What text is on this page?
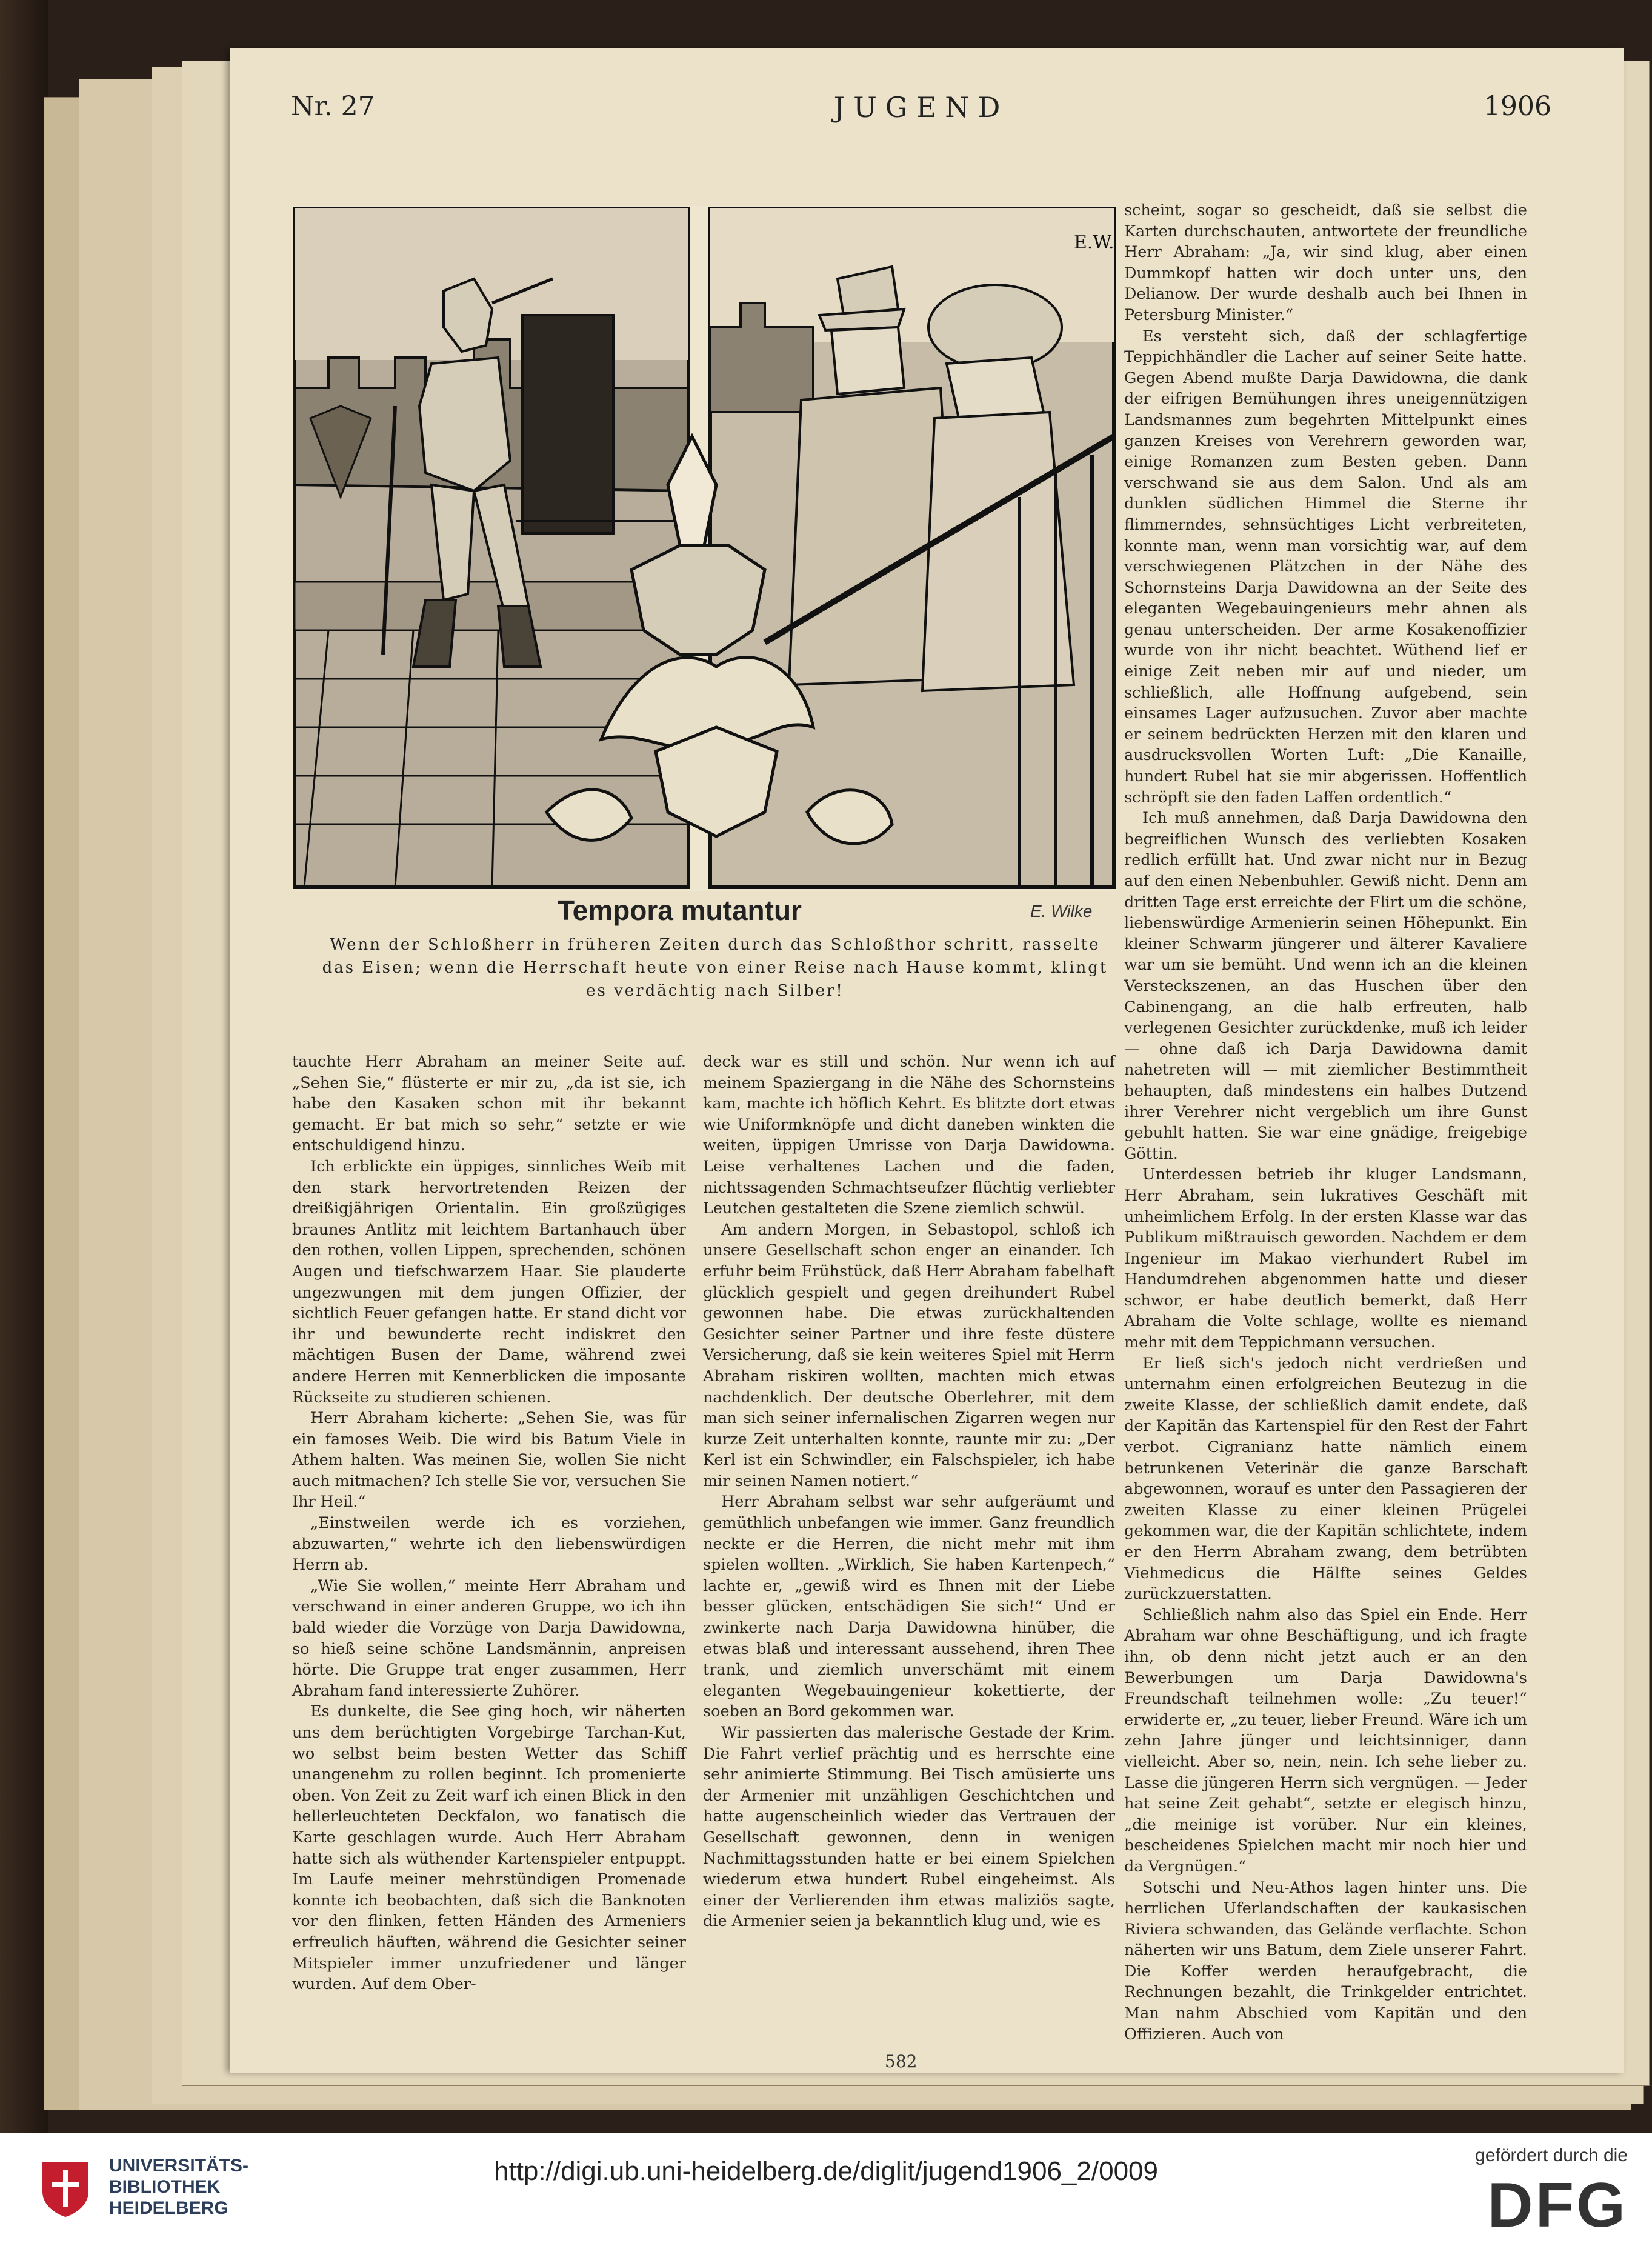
Nr. 27	JUGEND	1906
E.W.
Tempora mutantur	E. Wilke
Wenn der Schloßherr in früheren Zeiten durch das Schloßthor schritt, rasselte das Eisen; wenn die Herrschaft heute von einer Reise nach Hause kommt, klingt es verdächtig nach Silber!

tauchte Herr Abraham an meiner Seite auf. „Sehen Sie,“ flüsterte er mir zu, „da ist sie, ich habe den Kasaken schon mit ihr bekannt gemacht. Er bat mich so sehr,“ setzte er wie entschuldigend hinzu.

Ich erblickte ein üppiges, sinnliches Weib mit den stark hervortretenden Reizen der dreißigjährigen Orientalin. Ein großzügiges braunes Antlitz mit leichtem Bartanhauch über den rothen, vollen Lippen, sprechenden, schönen Augen und tiefschwarzem Haar. Sie plauderte ungezwungen mit dem jungen Offizier, der sichtlich Feuer gefangen hatte. Er stand dicht vor ihr und bewunderte recht indiskret den mächtigen Busen der Dame, während zwei andere Herren mit Kennerblicken die imposante Rückseite zu studieren schienen.

Herr Abraham kicherte: „Sehen Sie, was für ein famoses Weib. Die wird bis Batum Viele in Athem halten. Was meinen Sie, wollen Sie nicht auch mitmachen? Ich stelle Sie vor, versuchen Sie Ihr Heil.“

„Einstweilen werde ich es vorziehen, abzuwarten,“ wehrte ich den liebenswürdigen Herrn ab.

„Wie Sie wollen,“ meinte Herr Abraham und verschwand in einer anderen Gruppe, wo ich ihn bald wieder die Vorzüge von Darja Dawidowna, so hieß seine schöne Landsmännin, anpreisen hörte. Die Gruppe trat enger zusammen, Herr Abraham fand interessierte Zuhörer.

Es dunkelte, die See ging hoch, wir näherten uns dem berüchtigten Vorgebirge Tarchan-Kut, wo selbst beim besten Wetter das Schiff unangenehm zu rollen beginnt. Ich promenierte oben. Von Zeit zu Zeit warf ich einen Blick in den hellerleuchteten Deckfalon, wo fanatisch die Karte geschlagen wurde. Auch Herr Abraham hatte sich als wüthender Kartenspieler entpuppt. Im Laufe meiner mehrstündigen Promenade konnte ich beobachten, daß sich die Banknoten vor den flinken, fetten Händen des Armeniers erfreulich häuften, während die Gesichter seiner Mitspieler immer unzufriedener und länger wurden. Auf dem Ober-

deck war es still und schön. Nur wenn ich auf meinem Spaziergang in die Nähe des Schornsteins kam, machte ich höflich Kehrt. Es blitzte dort etwas wie Uniformknöpfe und dicht daneben winkten die weiten, üppigen Umrisse von Darja Dawidowna. Leise verhaltenes Lachen und die faden, nichtssagenden Schmachtseufzer flüchtig verliebter Leutchen gestalteten die Szene ziemlich schwül.

Am andern Morgen, in Sebastopol, schloß ich unsere Gesellschaft schon enger an einander. Ich erfuhr beim Frühstück, daß Herr Abraham fabelhaft glücklich gespielt und gegen dreihundert Rubel gewonnen habe. Die etwas zurückhaltenden Gesichter seiner Partner und ihre feste düstere Versicherung, daß sie kein weiteres Spiel mit Herrn Abraham riskiren wollten, machten mich etwas nachdenklich. Der deutsche Oberlehrer, mit dem man sich seiner infernalischen Zigarren wegen nur kurze Zeit unterhalten konnte, raunte mir zu: „Der Kerl ist ein Schwindler, ein Falschspieler, ich habe mir seinen Namen notiert.“

Herr Abraham selbst war sehr aufgeräumt und gemüthlich unbefangen wie immer. Ganz freundlich neckte er die Herren, die nicht mehr mit ihm spielen wollten. „Wirklich, Sie haben Kartenpech,“ lachte er, „gewiß wird es Ihnen mit der Liebe besser glücken, entschädigen Sie sich!“ Und er zwinkerte nach Darja Dawidowna hinüber, die etwas blaß und interessant aussehend, ihren Thee trank, und ziemlich unverschämt mit einem eleganten Wegebauingenieur kokettierte, der soeben an Bord gekommen war.

Wir passierten das malerische Gestade der Krim. Die Fahrt verlief prächtig und es herrschte eine sehr animierte Stimmung. Bei Tisch amüsierte uns der Armenier mit unzähligen Geschichtchen und hatte augenscheinlich wieder das Vertrauen der Gesellschaft gewonnen, denn in wenigen Nachmittagsstunden hatte er bei einem Spielchen wiederum etwa hundert Rubel eingeheimst. Als einer der Verlierenden ihm etwas maliziös sagte, die Armenier seien ja bekanntlich klug und, wie es

scheint, sogar so gescheidt, daß sie selbst die Karten durchschauten, antwortete der freundliche Herr Abraham: „Ja, wir sind klug, aber einen Dummkopf hatten wir doch unter uns, den Delianow. Der wurde deshalb auch bei Ihnen in Petersburg Minister.“

Es versteht sich, daß der schlagfertige Teppichhändler die Lacher auf seiner Seite hatte. Gegen Abend mußte Darja Dawidowna, die dank der eifrigen Bemühungen ihres uneigennützigen Landsmannes zum begehrten Mittelpunkt eines ganzen Kreises von Verehrern geworden war, einige Romanzen zum Besten geben. Dann verschwand sie aus dem Salon. Und als am dunklen südlichen Himmel die Sterne ihr flimmerndes, sehnsüchtiges Licht verbreiteten, konnte man, wenn man vorsichtig war, auf dem verschwiegenen Plätzchen in der Nähe des Schornsteins Darja Dawidowna an der Seite des eleganten Wegebauingenieurs mehr ahnen als genau unterscheiden. Der arme Kosakenoffizier wurde von ihr nicht beachtet. Wüthend lief er einige Zeit neben mir auf und nieder, um schließlich, alle Hoffnung aufgebend, sein einsames Lager aufzusuchen. Zuvor aber machte er seinem bedrückten Herzen mit den klaren und ausdrucksvollen Worten Luft: „Die Kanaille, hundert Rubel hat sie mir abgerissen. Hoffentlich schröpft sie den faden Laffen ordentlich.“

Ich muß annehmen, daß Darja Dawidowna den begreiflichen Wunsch des verliebten Kosaken redlich erfüllt hat. Und zwar nicht nur in Bezug auf den einen Nebenbuhler. Gewiß nicht. Denn am dritten Tage erst erreichte der Flirt um die schöne, liebenswürdige Armenierin seinen Höhepunkt. Ein kleiner Schwarm jüngerer und älterer Kavaliere war um sie bemüht. Und wenn ich an die kleinen Versteckszenen, an das Huschen über den Cabinengang, an die halb erfreuten, halb verlegenen Gesichter zurückdenke, muß ich leider — ohne daß ich Darja Dawidowna damit nahetreten will — mit ziemlicher Bestimmtheit behaupten, daß mindestens ein halbes Dutzend ihrer Verehrer nicht vergeblich um ihre Gunst gebuhlt hatten. Sie war eine gnädige, freigebige Göttin.

Unterdessen betrieb ihr kluger Landsmann, Herr Abraham, sein lukratives Geschäft mit unheimlichem Erfolg. In der ersten Klasse war das Publikum mißtrauisch geworden. Nachdem er dem Ingenieur im Makao vierhundert Rubel im Handumdrehen abgenommen hatte und dieser schwor, er habe deutlich bemerkt, daß Herr Abraham die Volte schlage, wollte es niemand mehr mit dem Teppichmann versuchen.

Er ließ sich's jedoch nicht verdrießen und unternahm einen erfolgreichen Beutezug in die zweite Klasse, der schließlich damit endete, daß der Kapitän das Kartenspiel für den Rest der Fahrt verbot. Cigranianz hatte nämlich einem betrunkenen Veterinär die ganze Barschaft abgewonnen, worauf es unter den Passagieren der zweiten Klasse zu einer kleinen Prügelei gekommen war, die der Kapitän schlichtete, indem er den Herrn Abraham zwang, dem betrübten Viehmedicus die Hälfte seines Geldes zurückzuerstatten.

Schließlich nahm also das Spiel ein Ende. Herr Abraham war ohne Beschäftigung, und ich fragte ihn, ob denn nicht jetzt auch er an den Bewerbungen um Darja Dawidowna's Freundschaft teilnehmen wolle: „Zu teuer!“ erwiderte er, „zu teuer, lieber Freund. Wäre ich um zehn Jahre jünger und leichtsinniger, dann vielleicht. Aber so, nein, nein. Ich sehe lieber zu. Lasse die jüngeren Herrn sich vergnügen. — Jeder hat seine Zeit gehabt“, setzte er elegisch hinzu, „die meinige ist vorüber. Nur ein kleines, bescheidenes Spielchen macht mir noch hier und da Vergnügen.“

Sotschi und Neu-Athos lagen hinter uns. Die herrlichen Uferlandschaften der kaukasischen Riviera schwanden, das Gelände verflachte. Schon näherten wir uns Batum, dem Ziele unserer Fahrt. Die Koffer werden heraufgebracht, die Rechnungen bezahlt, die Trinkgelder entrichtet. Man nahm Abschied vom Kapitän und den Offizieren. Auch von

582
UNIVERSITÄTS-
BIBLIOTHEK
HEIDELBERG
http://digi.ub.uni-heidelberg.de/diglit/jugend1906_2/0009
gefördert durch die
DFG
